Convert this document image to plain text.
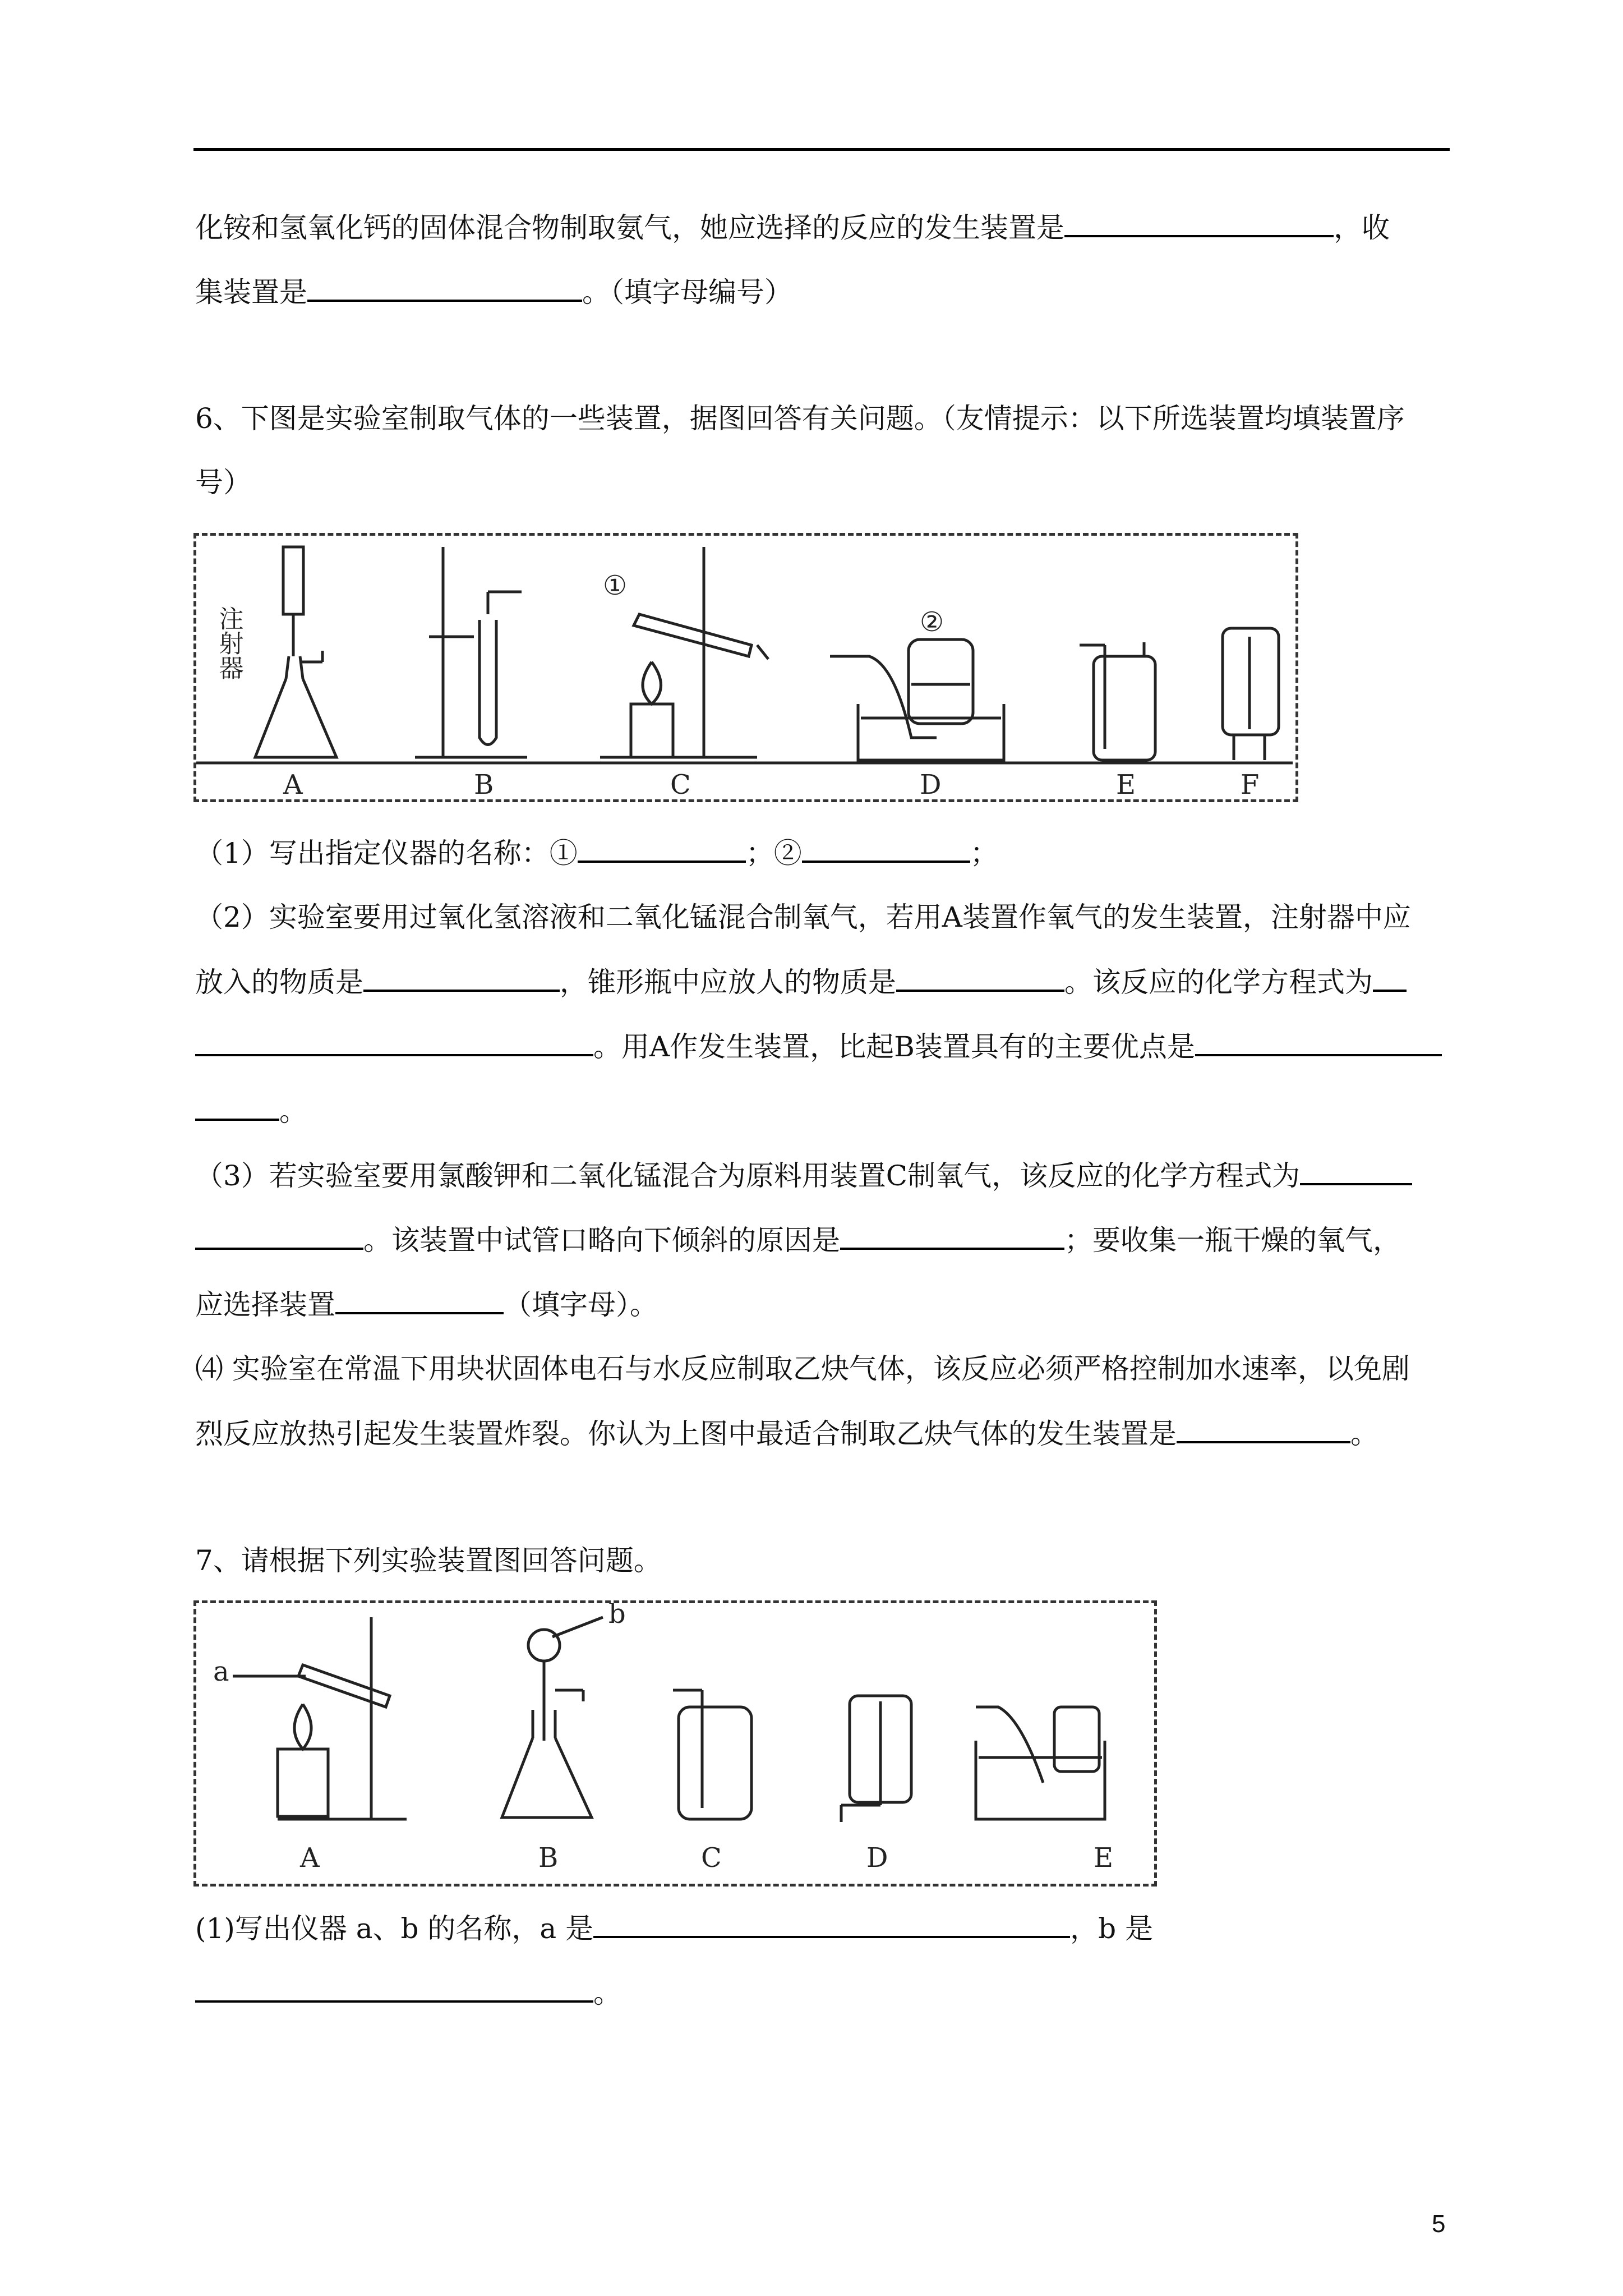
化铵和氢氧化钙的固体混合物制取氨气，她应选择的反应的发生装置是	，收
集装置是	。（填字母编号）
6、下图是实验室制取气体的一些装置，据图回答有关问题。（友情提示：以下所选装置均填装置序
号）
注射器
①
②
A	B	C	D	E	F
（1）写出指定仪器的名称：①	；②	；
（2）实验室要用过氧化氢溶液和二氧化锰混合制氧气，若用A装置作氧气的发生装置，注射器中应
放入的物质是	，锥形瓶中应放人的物质是	。该反应的化学方程式为
。用A作发生装置，比起B装置具有的主要优点是
。
（3）若实验室要用氯酸钾和二氧化锰混合为原料用装置C制氧气，该反应的化学方程式为
。该装置中试管口略向下倾斜的原因是	；要收集一瓶干燥的氧气，
应选择装置	（填字母）。
⑷ 实验室在常温下用块状固体电石与水反应制取乙炔气体，该反应必须严格控制加水速率，以免剧
烈反应放热引起发生装置炸裂。你认为上图中最适合制取乙炔气体的发生装置是	。
7、请根据下列实验装置图回答问题。
a
b
A	B	C	D	E
(1)写出仪器 a、b 的名称，a 是	，b 是
。
5
